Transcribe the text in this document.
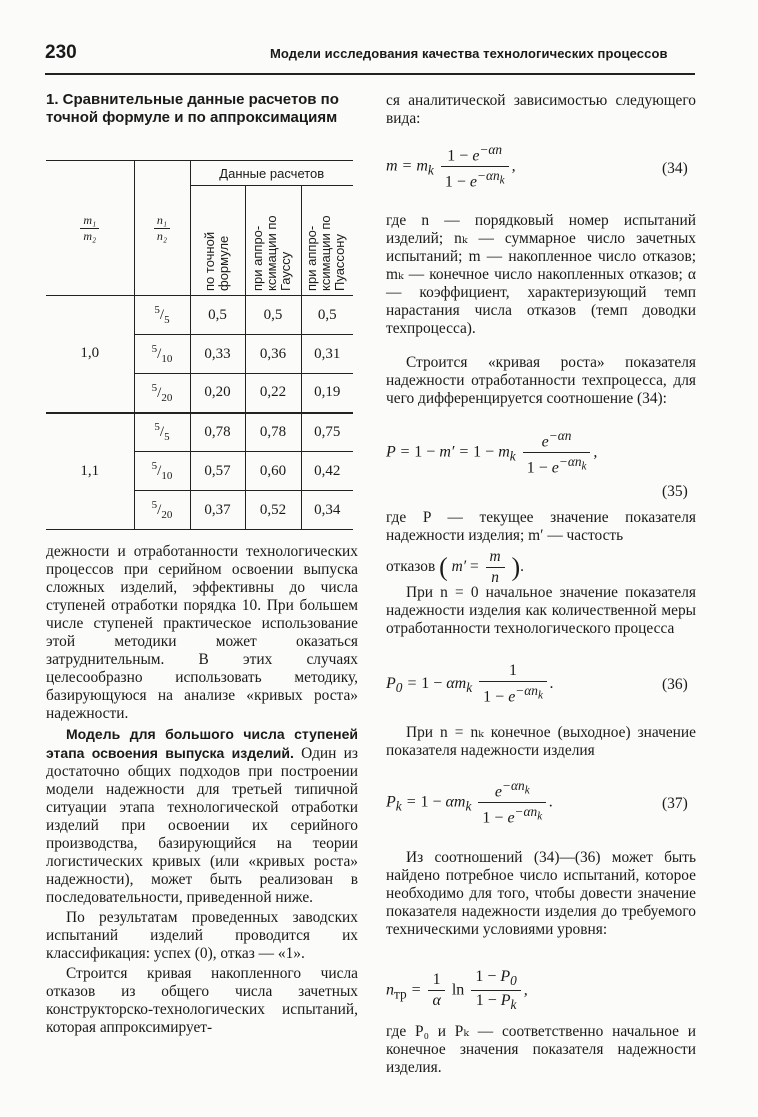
230	Модели исследования качества технологических процессов
1. Сравнительные данные расчетов по точной формуле и по аппроксимациям
$\frac{\text{m₁}}{\text{m₂}}$	$\frac{\text{n₁}}{\text{n₂}}$	Данные расчетов		

		по точной формуле	при аппро-ксимации по Гауссу	при аппро-ксимации по Пуассону

1,0	$^5/_5$	0,5	0,5	0,5
	$^5/_{10}$	0,33	0,36	0,31
	$^5/_{20}$	0,20	0,22	0,19
1,1	$^5/_5$	0,78	0,78	0,75
	$^5/_{10}$	0,57	0,60	0,42
	$^5/_{20}$	0,37	0,52	0,34

дежности и отработанности технологических процессов при серийном освоении выпуска сложных изделий, эффективны до числа ступеней отработки порядка 10. При большем числе ступеней практическое использование этой методики может оказаться затруднительным. В этих случаях целесообразно использовать методику, базирующуюся на анализе «кривых роста» надежности.

Модель для большого числа ступеней этапа освоения выпуска изделий. Один из достаточно общих подходов при построении модели надежности для третьей типичной ситуации этапа технологической отработки изделий при освоении их серийного производства, базирующийся на теории логистических кривых (или «кривых роста» надежности), может быть реализован в последовательности, приведенной ниже.

По результатам проведенных заводских испытаний изделий проводится их классификация: успех (0), отказ — «1».

Строится кривая накопленного числа отказов из общего числа зачетных конструкторско-технологических испытаний, которая аппроксимирует-

ся аналитической зависимостью следующего вида:
$m = m_k \frac{1 - e^{-\alpha n}}{1 - e^{-\alpha n_k}}$ ,	(34)
где n — порядковый номер испытаний изделий; nₖ — суммарное число зачетных испытаний; m — накопленное число отказов; mₖ — конечное число накопленных отказов; α — коэффициент, характеризующий темп нарастания числа отказов (темп доводки техпроцесса).
Строится «кривая роста» показателя надежности отработанности техпроцесса, для чего дифференцируется соотношение (34):
$P = 1 - m' = 1 - m_k \frac{e^{-\alpha n}}{1 - e^{-\alpha n_k}}$ ,
(35)
где P — текущее значение показателя надежности изделия; m′ — частость
отказов ( $m' = \frac{m}{n}$ ).
При n = 0 начальное значение показателя надежности изделия как количественной меры отработанности технологического процесса
$P_0 = 1 - \alpha m_k \frac{1}{1 - e^{-\alpha n_k}}$ .	(36)
При n = nₖ конечное (выходное) значение показателя надежности изделия
$P_k = 1 - \alpha m_k \frac{e^{-\alpha n_k}}{1 - e^{-\alpha n_k}}$ .	(37)
Из соотношений (34)—(36) может быть найдено потребное число испытаний, которое необходимо для того, чтобы довести значение показателя надежности изделия до требуемого техническими условиями уровня:
$n_{тр} = \frac{1}{\alpha}$ $\ln \frac{1 - P_0}{1 - P_k}$ ,
где P₀ и Pₖ — соответственно начальное и конечное значения показателя надежности изделия.
